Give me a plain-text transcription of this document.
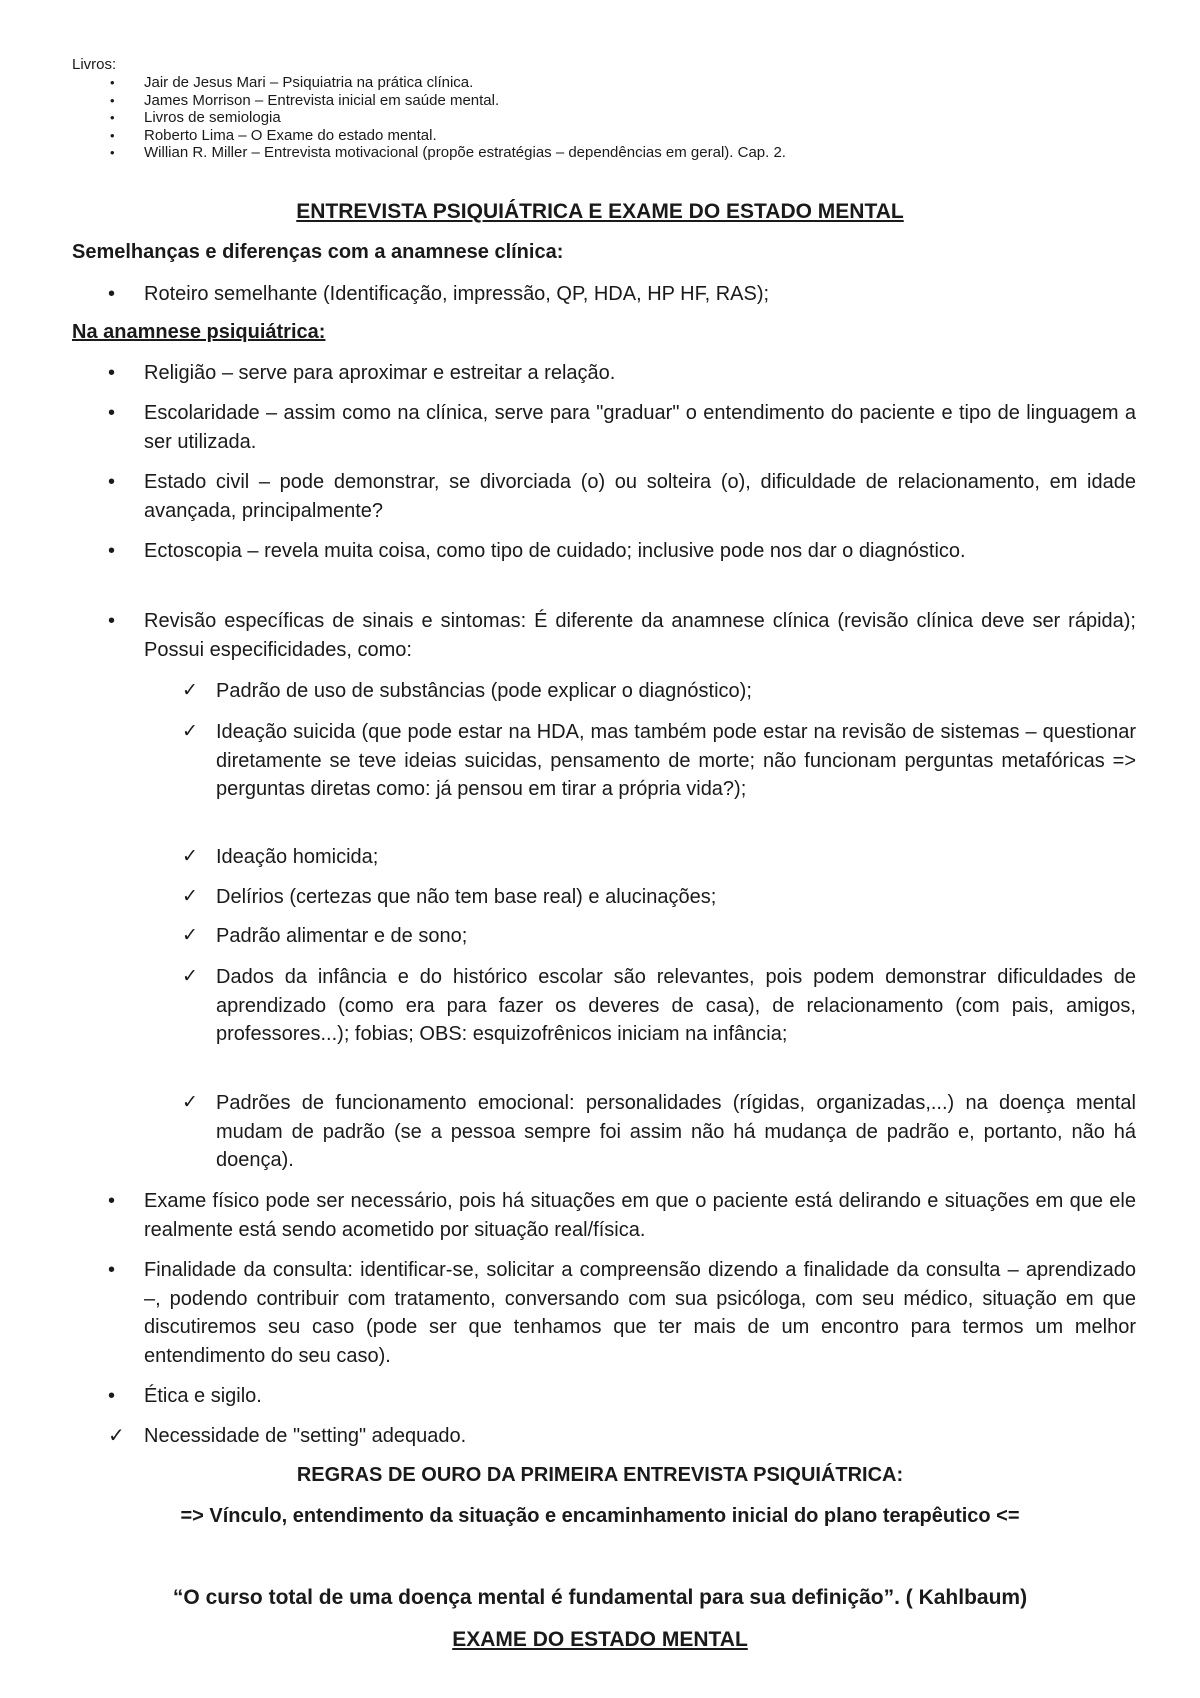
Livros:
• Jair de Jesus Mari – Psiquiatria na prática clínica.
• James Morrison – Entrevista inicial em saúde mental.
• Livros de semiologia
• Roberto Lima – O Exame do estado mental.
• Willian R. Miller – Entrevista motivacional (propõe estratégias – dependências em geral). Cap. 2.
ENTREVISTA PSIQUIÁTRICA E EXAME DO ESTADO MENTAL
Semelhanças e diferenças com a anamnese clínica:
• Roteiro semelhante (Identificação, impressão, QP, HDA, HP HF, RAS);
Na anamnese psiquiátrica:
• Religião – serve para aproximar e estreitar a relação.
• Escolaridade – assim como na clínica, serve para "graduar" o entendimento do paciente e tipo de linguagem a ser utilizada.
• Estado civil – pode demonstrar, se divorciada (o) ou solteira (o), dificuldade de relacionamento, em idade avançada, principalmente?
• Ectoscopia – revela muita coisa, como tipo de cuidado; inclusive pode nos dar o diagnóstico.
• Revisão específicas de sinais e sintomas: É diferente da anamnese clínica (revisão clínica deve ser rápida); Possui especificidades, como:
✓ Padrão de uso de substâncias (pode explicar o diagnóstico);
✓ Ideação suicida (que pode estar na HDA, mas também pode estar na revisão de sistemas – questionar diretamente se teve ideias suicidas, pensamento de morte; não funcionam perguntas metafóricas => perguntas diretas como: já pensou em tirar a própria vida?);
✓ Ideação homicida;
✓ Delírios (certezas que não tem base real) e alucinações;
✓ Padrão alimentar e de sono;
✓ Dados da infância e do histórico escolar são relevantes, pois podem demonstrar dificuldades de aprendizado (como era para fazer os deveres de casa), de relacionamento (com pais, amigos, professores...); fobias; OBS: esquizofrênicos iniciam na infância;
✓ Padrões de funcionamento emocional: personalidades (rígidas, organizadas,...) na doença mental mudam de padrão (se a pessoa sempre foi assim não há mudança de padrão e, portanto, não há doença).
• Exame físico pode ser necessário, pois há situações em que o paciente está delirando e situações em que ele realmente está sendo acometido por situação real/física.
• Finalidade da consulta: identificar-se, solicitar a compreensão dizendo a finalidade da consulta – aprendizado –, podendo contribuir com tratamento, conversando com sua psicóloga, com seu médico, situação em que discutiremos seu caso (pode ser que tenhamos que ter mais de um encontro para termos um melhor entendimento do seu caso).
• Ética e sigilo.
✓ Necessidade de "setting" adequado.
REGRAS DE OURO DA PRIMEIRA ENTREVISTA PSIQUIÁTRICA:
=> Vínculo, entendimento da situação e encaminhamento inicial do plano terapêutico <=
“O curso total de uma doença mental é fundamental para sua definição”. ( Kahlbaum)
EXAME DO ESTADO MENTAL
